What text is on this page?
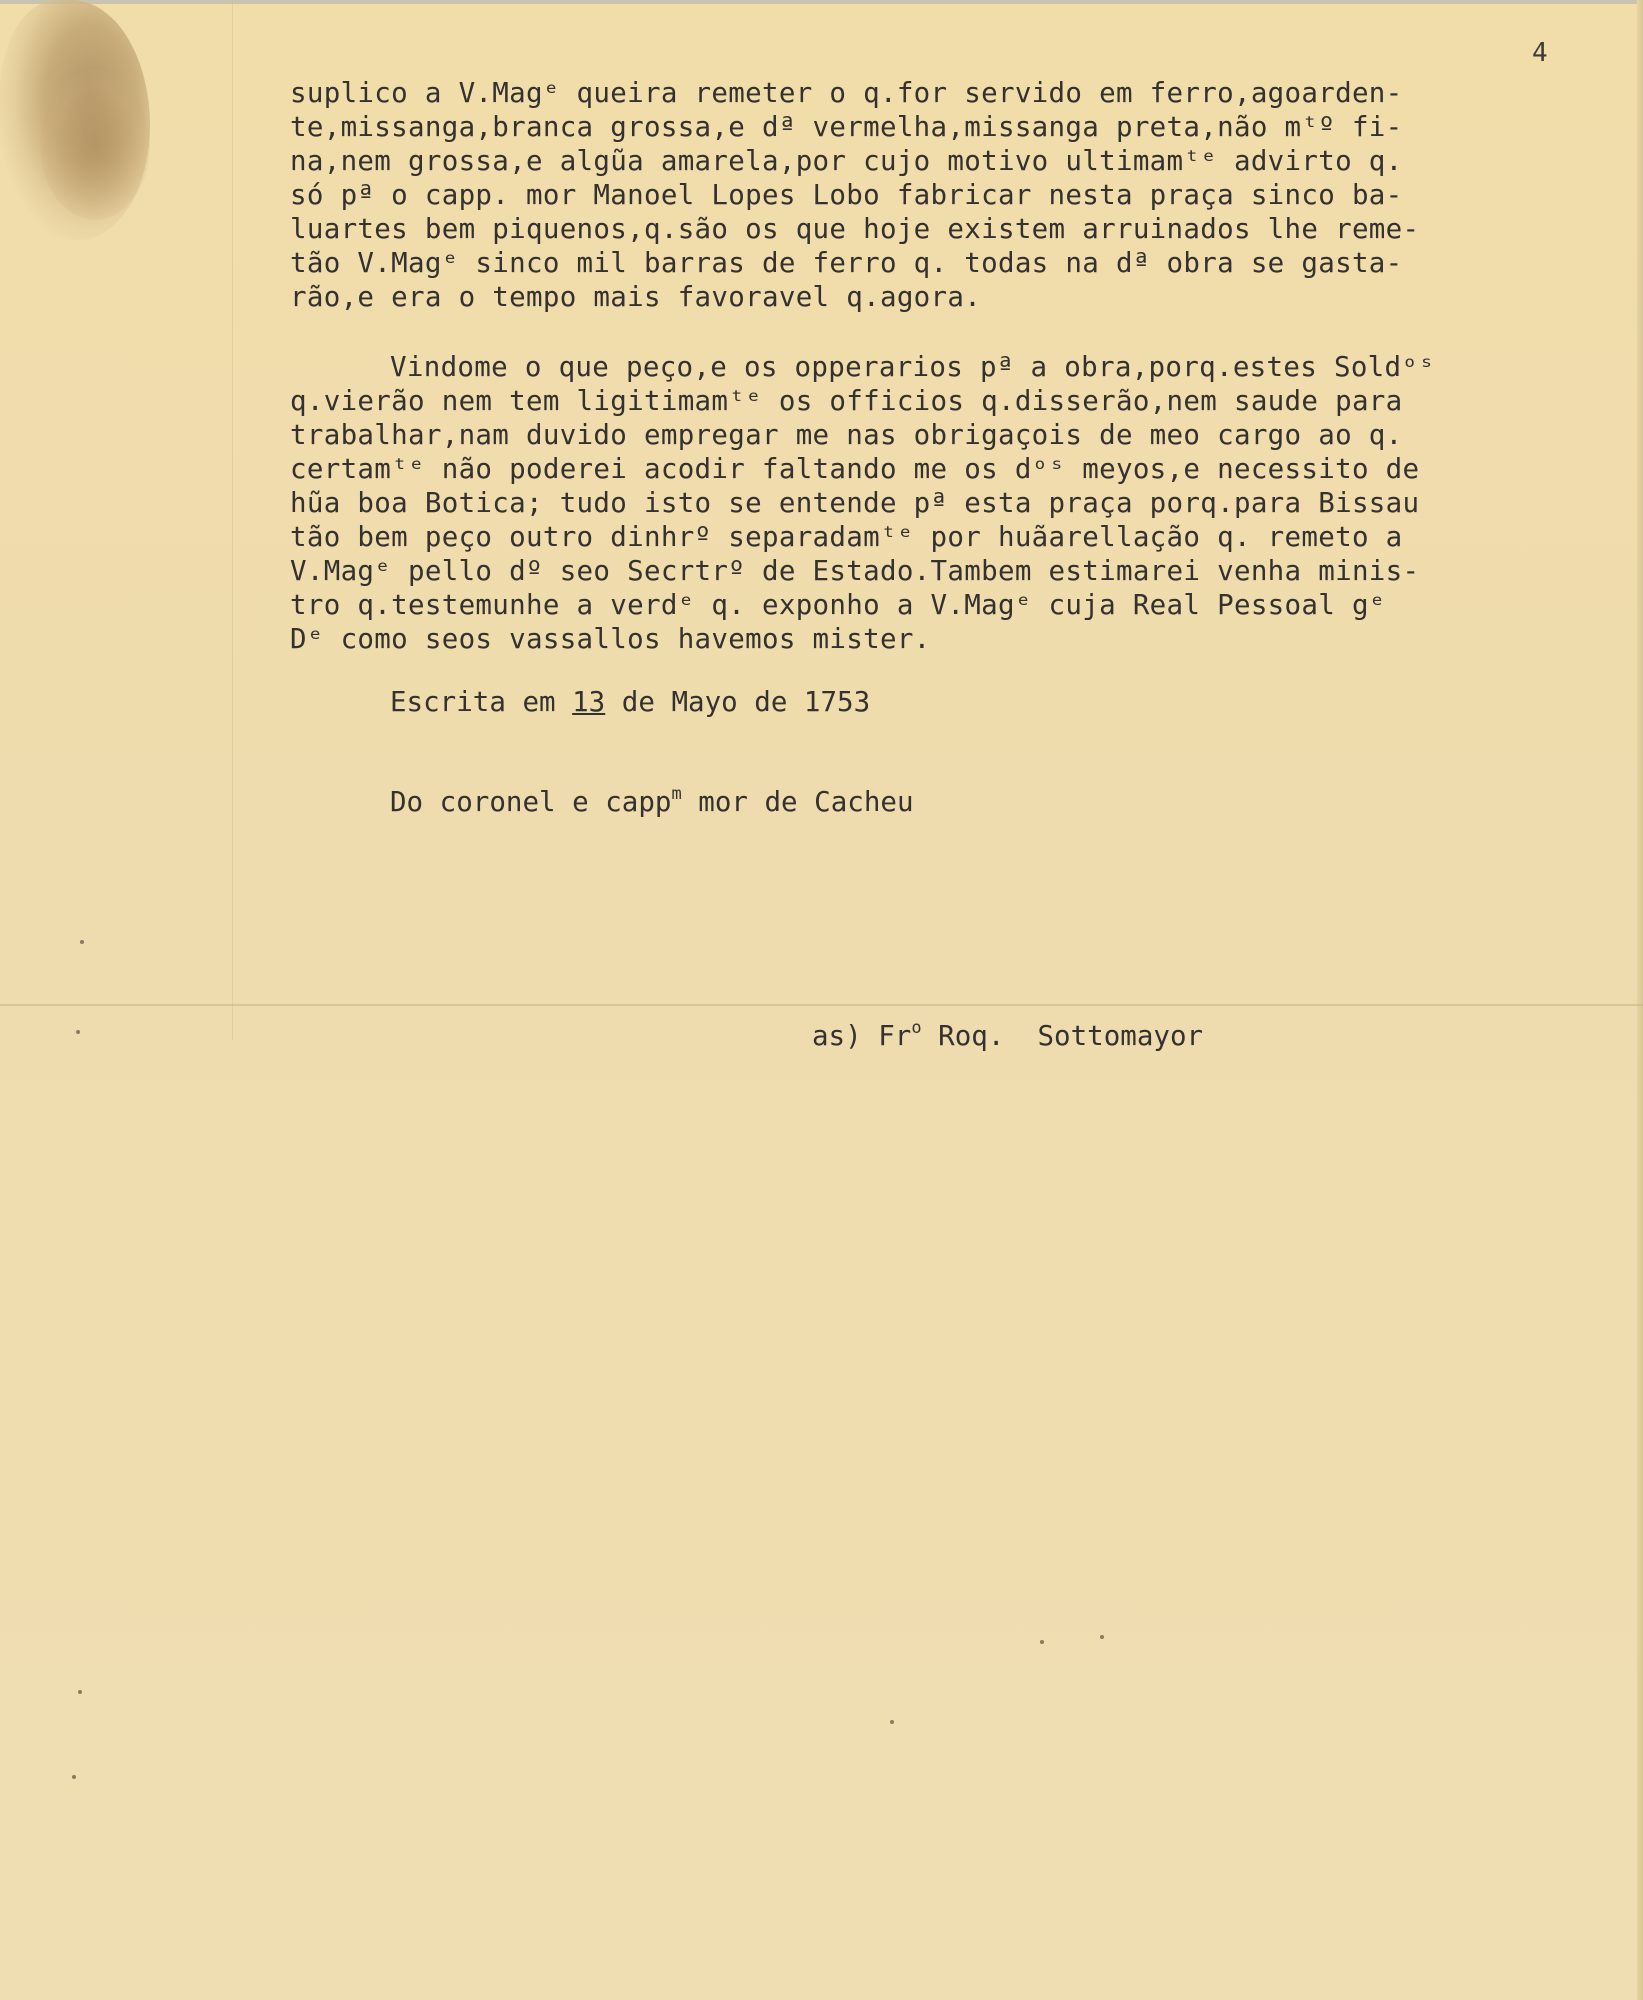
4
suplico a V.Magᵉ queira remeter o q.for servido em ferro,agoarden-
te,missanga,branca grossa,e dª vermelha,missanga preta,não mᵗº fi-
na,nem grossa,e algũa amarela,por cujo motivo ultimamᵗᵉ advirto q.
só pª o capp. mor Manoel Lopes Lobo fabricar nesta praça sinco ba-
luartes bem piquenos,q.são os que hoje existem arruinados lhe reme-
tão V.Magᵉ sinco mil barras de ferro q. todas na dª obra se gasta-
rão,e era o tempo mais favoravel q.agora.
Vindome o que peço,e os opperarios pª a obra,porq.estes Soldᵒˢ
q.vierão nem tem ligitimamᵗᵉ os officios q.disserão,nem saude para
trabalhar,nam duvido empregar me nas obrigaçois de meo cargo ao q.
certamᵗᵉ não poderei acodir faltando me os dᵒˢ meyos,e necessito de
hũa boa Botica; tudo isto se entende pª esta praça porq.para Bissau
tão bem peço outro dinhrº separadamᵗᵉ por huãarellação q. remeto a
V.Magᵉ pello dº seo Secrtrº de Estado.Tambem estimarei venha minis-
tro q.testemunhe a verdᵉ q. exponho a V.Magᵉ cuja Real Pessoal gᵉ
Dᵉ como seos vassallos havemos mister.
Escrita em 13 de Mayo de 1753
Do coronel e capp$^m$ mor de Cacheu
as) Fr$^o$ Roq.  Sottomayor
